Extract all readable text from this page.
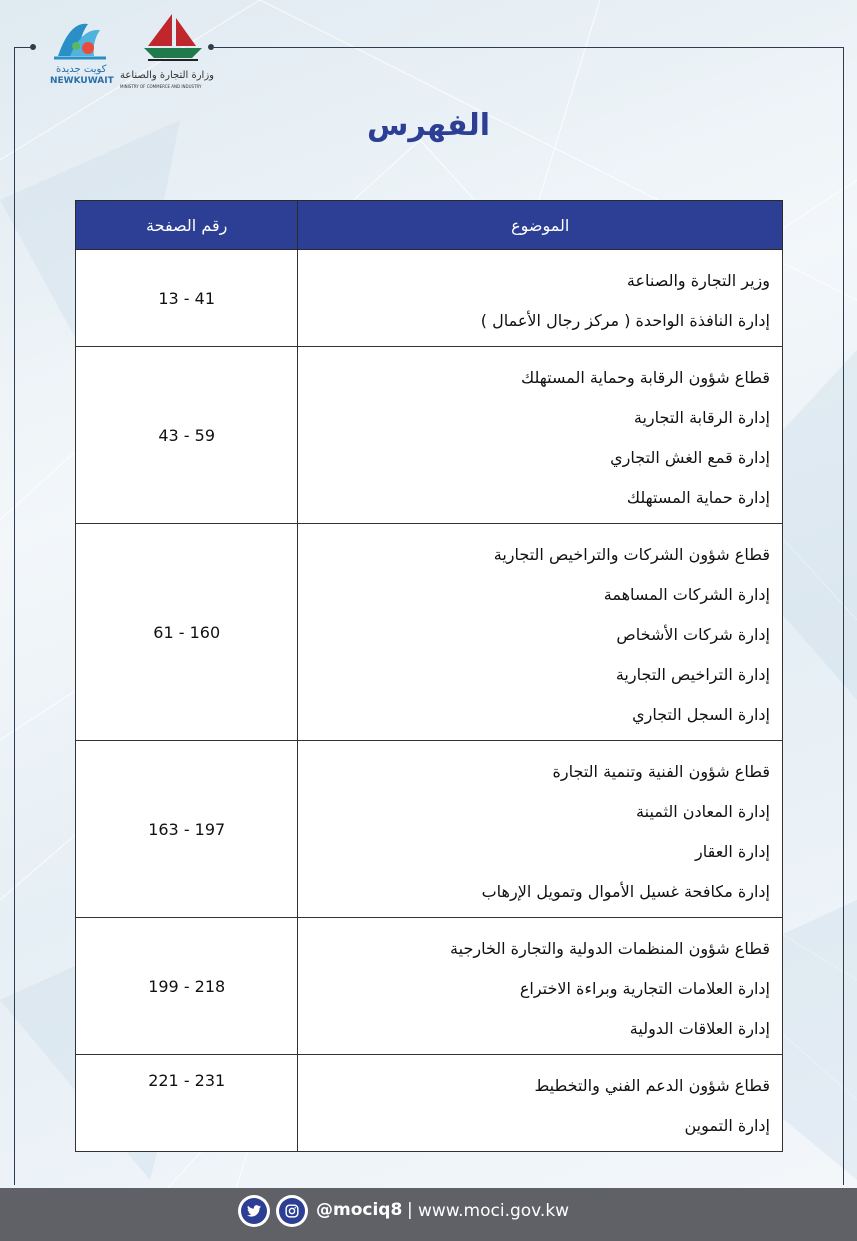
كويت جديدة
NEWKUWAIT وزارة التجارة والصناعة
MINISTRY OF COMMERCE AND INDUSTRY
الفهرس
الموضوع	رقم الصفحة

وزير التجارة والصناعة
إدارة النافذة الواحدة ( مركز رجال الأعمال )	13 - 41

قطاع شؤون الرقابة وحماية المستهلك
إدارة الرقابة التجارية
إدارة قمع الغش التجاري
إدارة حماية المستهلك	43 - 59

قطاع شؤون الشركات والتراخيص التجارية
إدارة الشركات المساهمة
إدارة شركات الأشخاص
إدارة التراخيص التجارية
إدارة السجل التجاري	61 - 160

قطاع شؤون الفنية وتنمية التجارة
إدارة المعادن الثمينة
إدارة العقار
إدارة مكافحة غسيل الأموال وتمويل الإرهاب	163 - 197

قطاع شؤون المنظمات الدولية والتجارة الخارجية
إدارة العلامات التجارية وبراءة الاختراع
إدارة العلاقات الدولية	199 - 218

قطاع شؤون الدعم الفني والتخطيط
إدارة التموين	221 - 231
@mociq8 | www.moci.gov.kw
